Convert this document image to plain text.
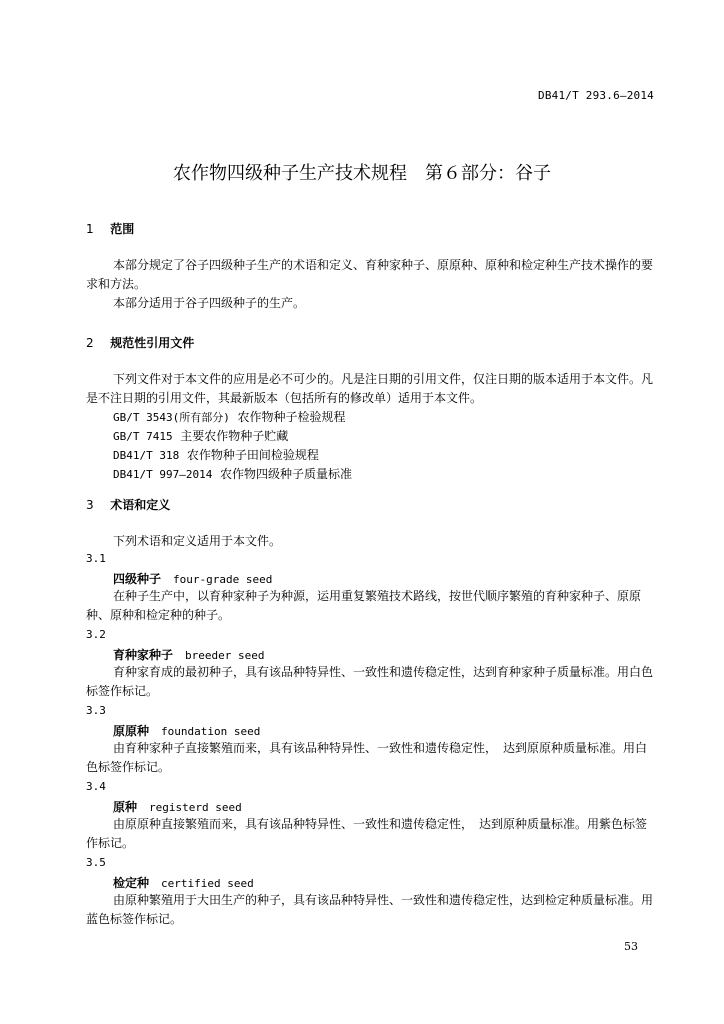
DB41/T 293.6—2014
农作物四级种子生产技术规程　第６部分：谷子
1 范围
本部分规定了谷子四级种子生产的术语和定义、育种家种子、原原种、原种和检定种生产技术操作的要求和方法。
本部分适用于谷子四级种子的生产。
2 规范性引用文件
下列文件对于本文件的应用是必不可少的。凡是注日期的引用文件，仅注日期的版本适用于本文件。凡是不注日期的引用文件，其最新版本（包括所有的修改单）适用于本文件。
GB/T 3543(所有部分) 农作物种子检验规程
GB/T 7415 主要农作物种子贮藏
DB41/T 318 农作物种子田间检验规程
DB41/T 997—2014 农作物四级种子质量标准
3 术语和定义
下列术语和定义适用于本文件。
3.1
四级种子 four-grade seed
在种子生产中，以育种家种子为种源，运用重复繁殖技术路线，按世代顺序繁殖的育种家种子、原原种、原种和检定种的种子。
3.2
育种家种子 breeder seed
育种家育成的最初种子，具有该品种特异性、一致性和遗传稳定性，达到育种家种子质量标准。用白色标签作标记。
3.3
原原种 foundation seed
由育种家种子直接繁殖而来，具有该品种特异性、一致性和遗传稳定性，　达到原原种质量标准。用白色标签作标记。
3.4
原种 registerd seed
由原原种直接繁殖而来，具有该品种特异性、一致性和遗传稳定性，　达到原种质量标准。用紫色标签作标记。
3.5
检定种 certified seed
由原种繁殖用于大田生产的种子，具有该品种特异性、一致性和遗传稳定性，达到检定种质量标准。用蓝色标签作标记。
53
